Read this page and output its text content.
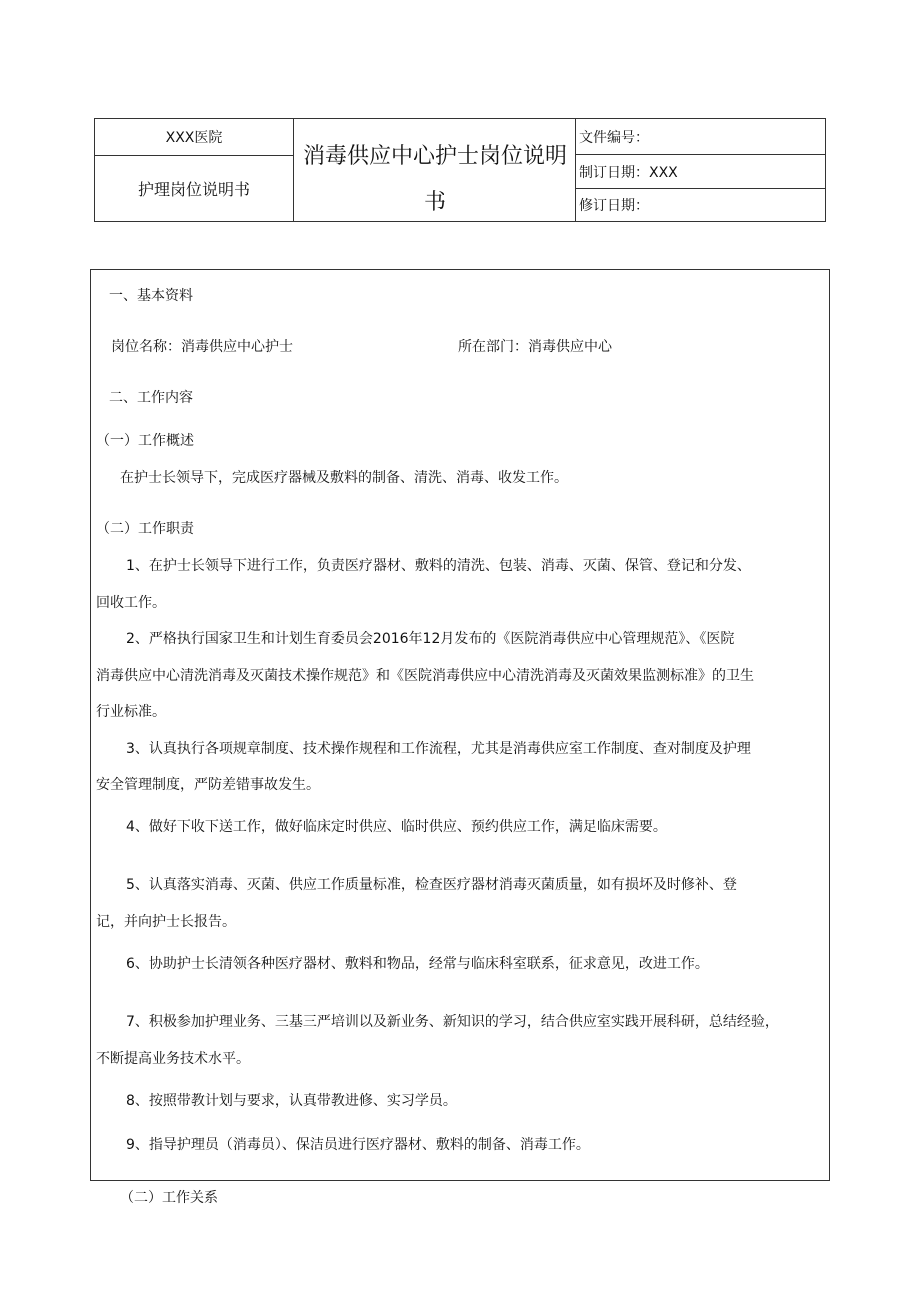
XXX医院
护理岗位说明书
消毒供应中心护士岗位说明
书
文件编号：
制订日期：XXX
修订日期：
一、基本资料
岗位名称：消毒供应中心护士	所在部门：消毒供应中心
二、工作内容
（一）工作概述
在护士长领导下，完成医疗器械及敷料的制备、清洗、消毒、收发工作。
（二）工作职责
1、在护士长领导下进行工作，负责医疗器材、敷料的清洗、包装、消毒、灭菌、保管、登记和分发、
回收工作。
2、严格执行国家卫生和计划生育委员会2016年12月发布的《医院消毒供应中心管理规范》、《医院
消毒供应中心清洗消毒及灭菌技术操作规范》和《医院消毒供应中心清洗消毒及灭菌效果监测标准》的卫生
行业标准。
3、认真执行各项规章制度、技术操作规程和工作流程，尤其是消毒供应室工作制度、查对制度及护理
安全管理制度，严防差错事故发生。
4、做好下收下送工作，做好临床定时供应、临时供应、预约供应工作，满足临床需要。
5、认真落实消毒、灭菌、供应工作质量标准，检查医疗器材消毒灭菌质量，如有损坏及时修补、登
记，并向护士长报告。
6、协助护士长清领各种医疗器材、敷料和物品，经常与临床科室联系，征求意见，改进工作。
7、积极参加护理业务、三基三严培训以及新业务、新知识的学习，结合供应室实践开展科研，总结经验，
不断提高业务技术水平。
8、按照带教计划与要求，认真带教进修、实习学员。
9、指导护理员（消毒员）、保洁员进行医疗器材、敷料的制备、消毒工作。
（二）工作关系
